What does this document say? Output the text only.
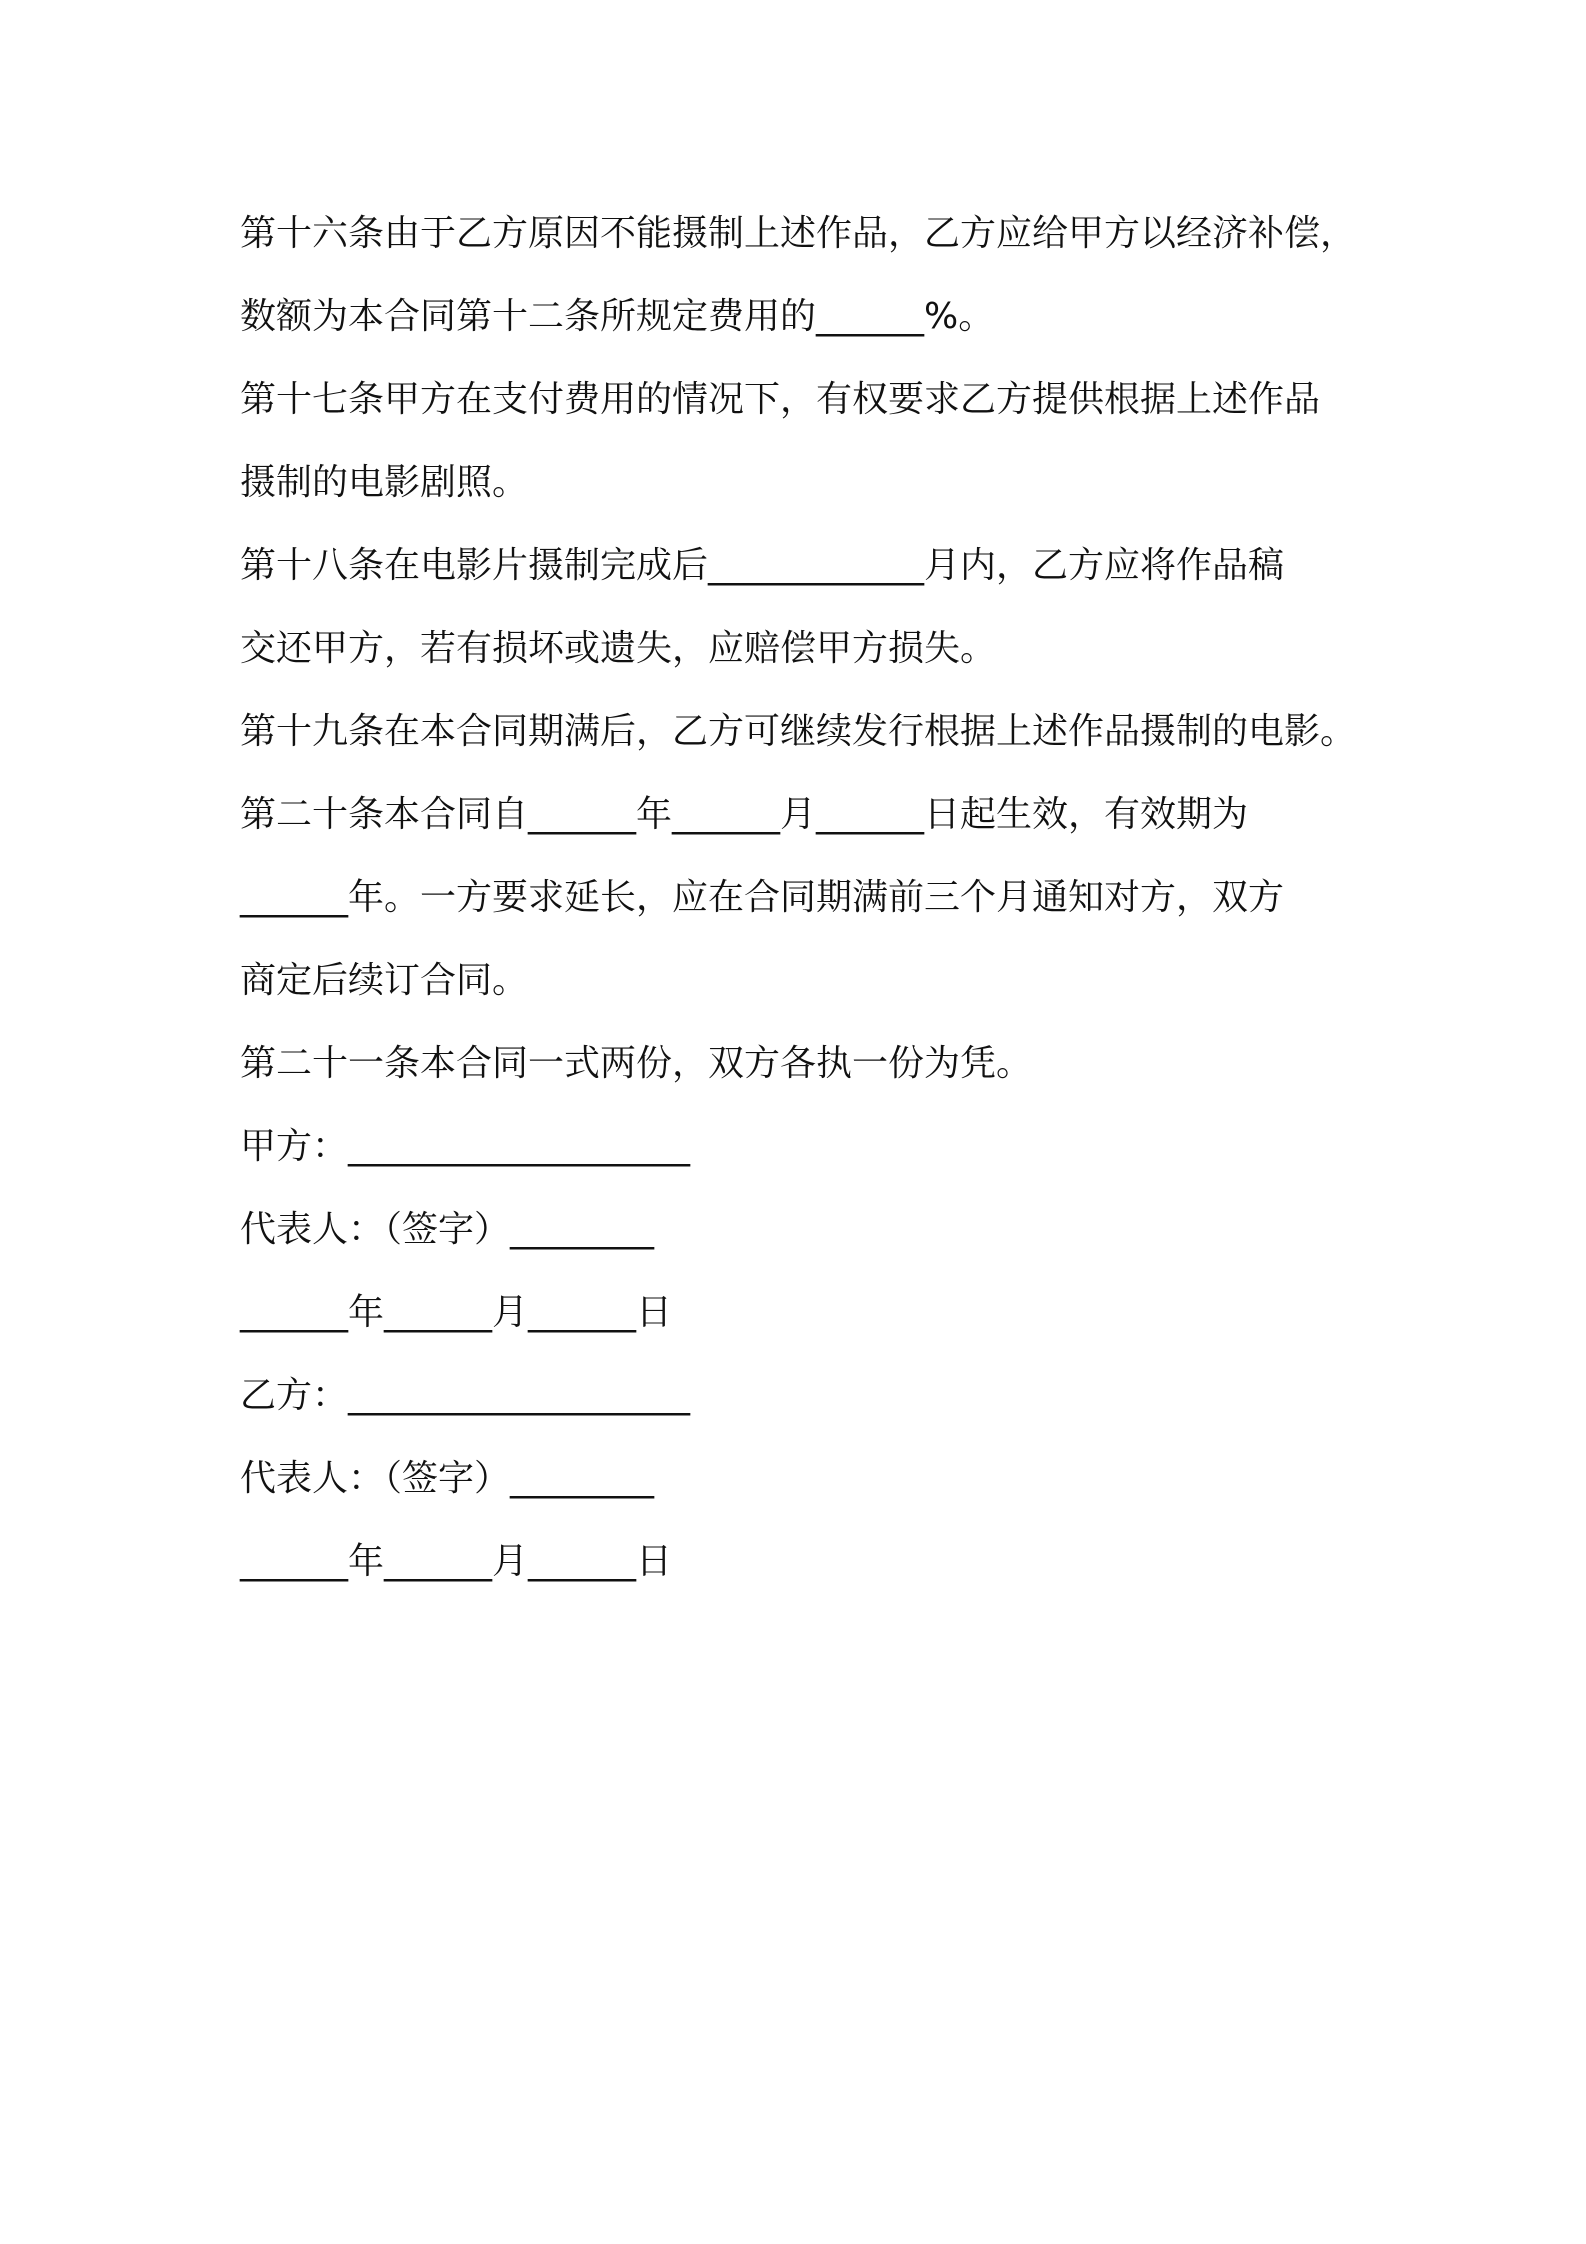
第十六条由于乙方原因不能摄制上述作品，乙方应给甲方以经济补偿，
数额为本合同第十二条所规定费用的______%。
第十七条甲方在支付费用的情况下，有权要求乙方提供根据上述作品
摄制的电影剧照。
第十八条在电影片摄制完成后____________月内，乙方应将作品稿
交还甲方，若有损坏或遗失，应赔偿甲方损失。
第十九条在本合同期满后，乙方可继续发行根据上述作品摄制的电影。
第二十条本合同自______年______月______日起生效，有效期为
______年。一方要求延长，应在合同期满前三个月通知对方，双方
商定后续订合同。
第二十一条本合同一式两份，双方各执一份为凭。
甲方：___________________
代表人：（签字）________
______年______月______日
乙方：___________________
代表人：（签字）________
______年______月______日
